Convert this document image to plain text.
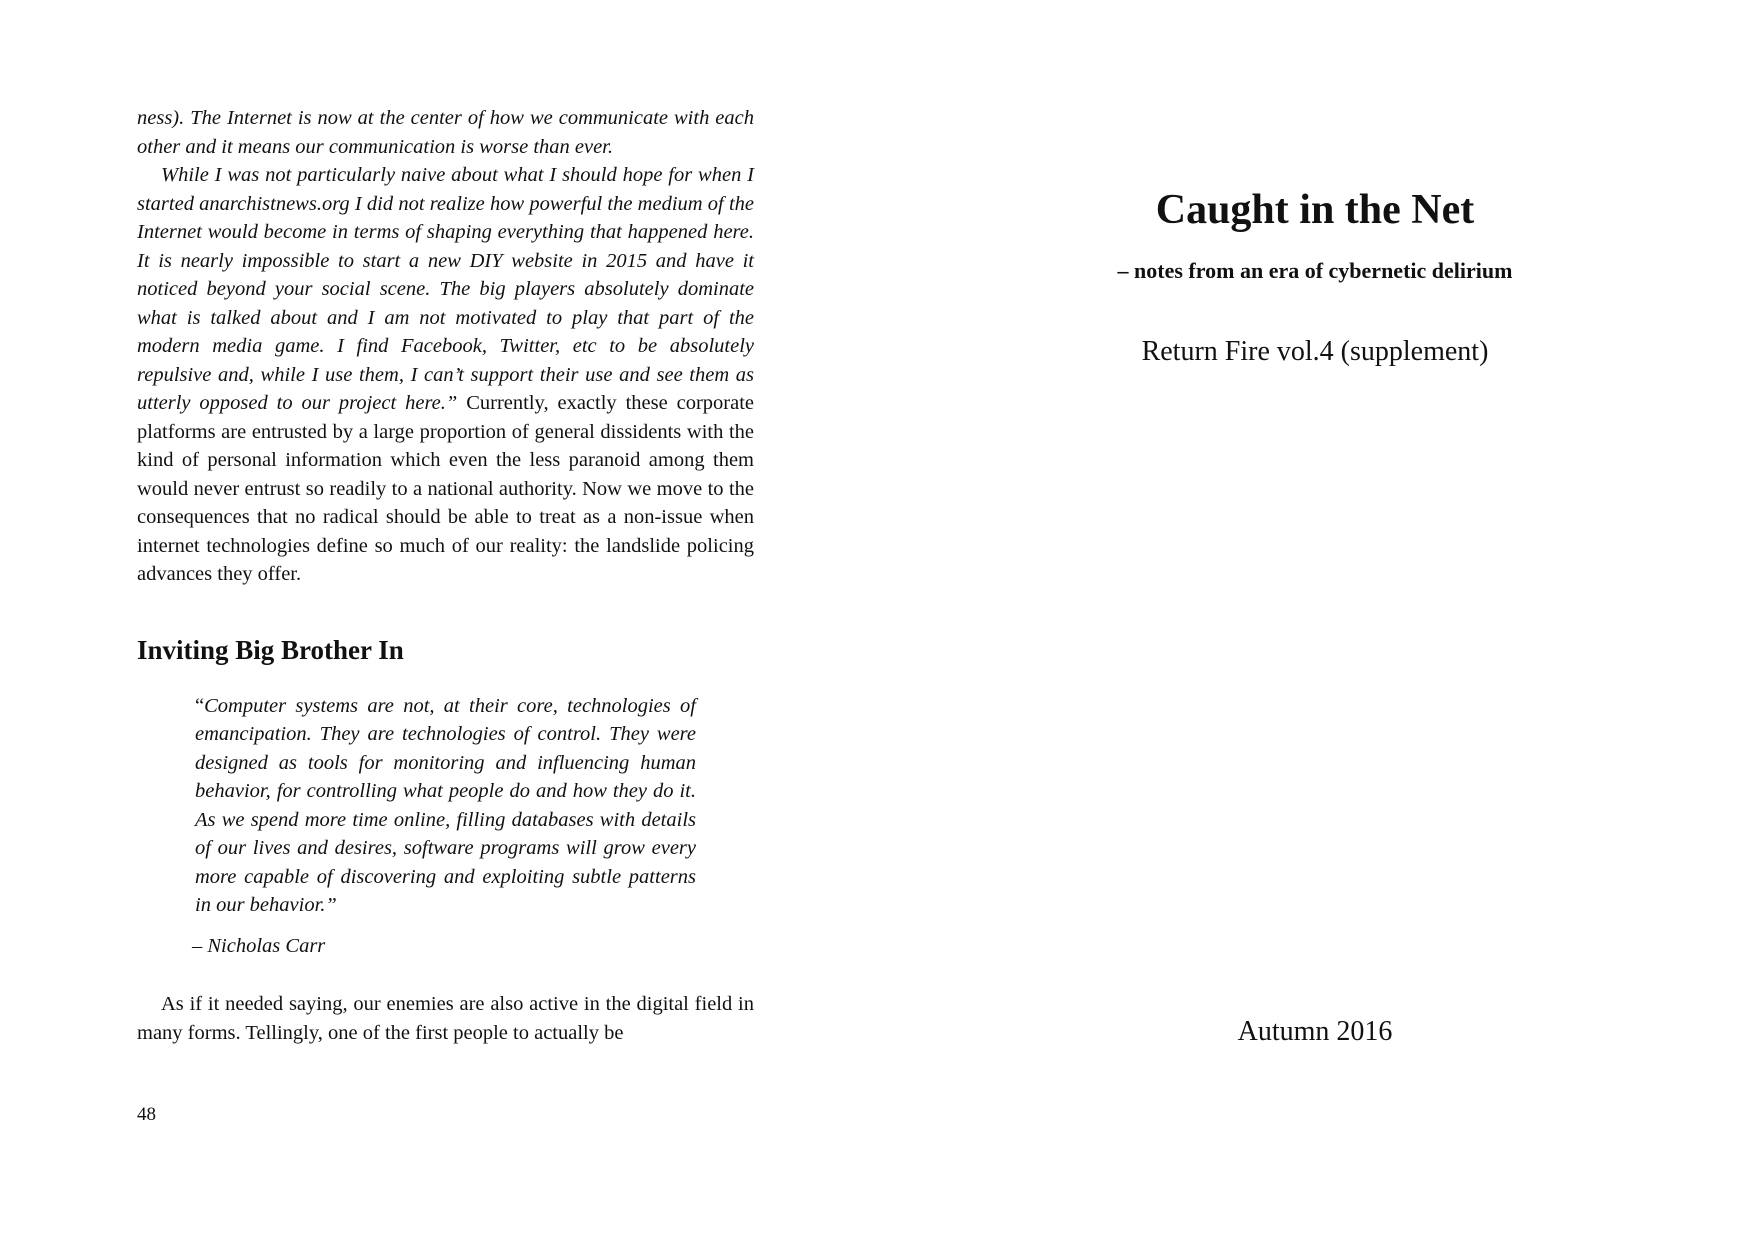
ness). The Internet is now at the center of how we communicate with each other and it means our communication is worse than ever.

While I was not particularly naive about what I should hope for when I started anarchistnews.org I did not realize how powerful the medium of the Internet would become in terms of shaping everything that happened here. It is nearly impossible to start a new DIY website in 2015 and have it noticed beyond your social scene. The big players absolutely dominate what is talked about and I am not motivated to play that part of the modern media game. I find Facebook, Twitter, etc to be absolutely repulsive and, while I use them, I can’t support their use and see them as utterly opposed to our project here.” Currently, exactly these corporate platforms are entrusted by a large proportion of general dissidents with the kind of personal information which even the less paranoid among them would never entrust so readily to a national authority. Now we move to the consequences that no radical should be able to treat as a non-issue when internet technologies define so much of our reality: the landslide policing advances they offer.

Inviting Big Brother In
“Computer systems are not, at their core, technologies of emancipation. They are technologies of control. They were designed as tools for monitoring and influencing human behavior, for controlling what people do and how they do it. As we spend more time online, filling databases with details of our lives and desires, software programs will grow every more capable of discovering and exploiting subtle patterns in our behavior.”
– Nicholas Carr

As if it needed saying, our enemies are also active in the digital field in many forms. Tellingly, one of the first people to actually be

48
Caught in the Net
– notes from an era of cybernetic delirium
Return Fire vol.4 (supplement)
Autumn 2016
